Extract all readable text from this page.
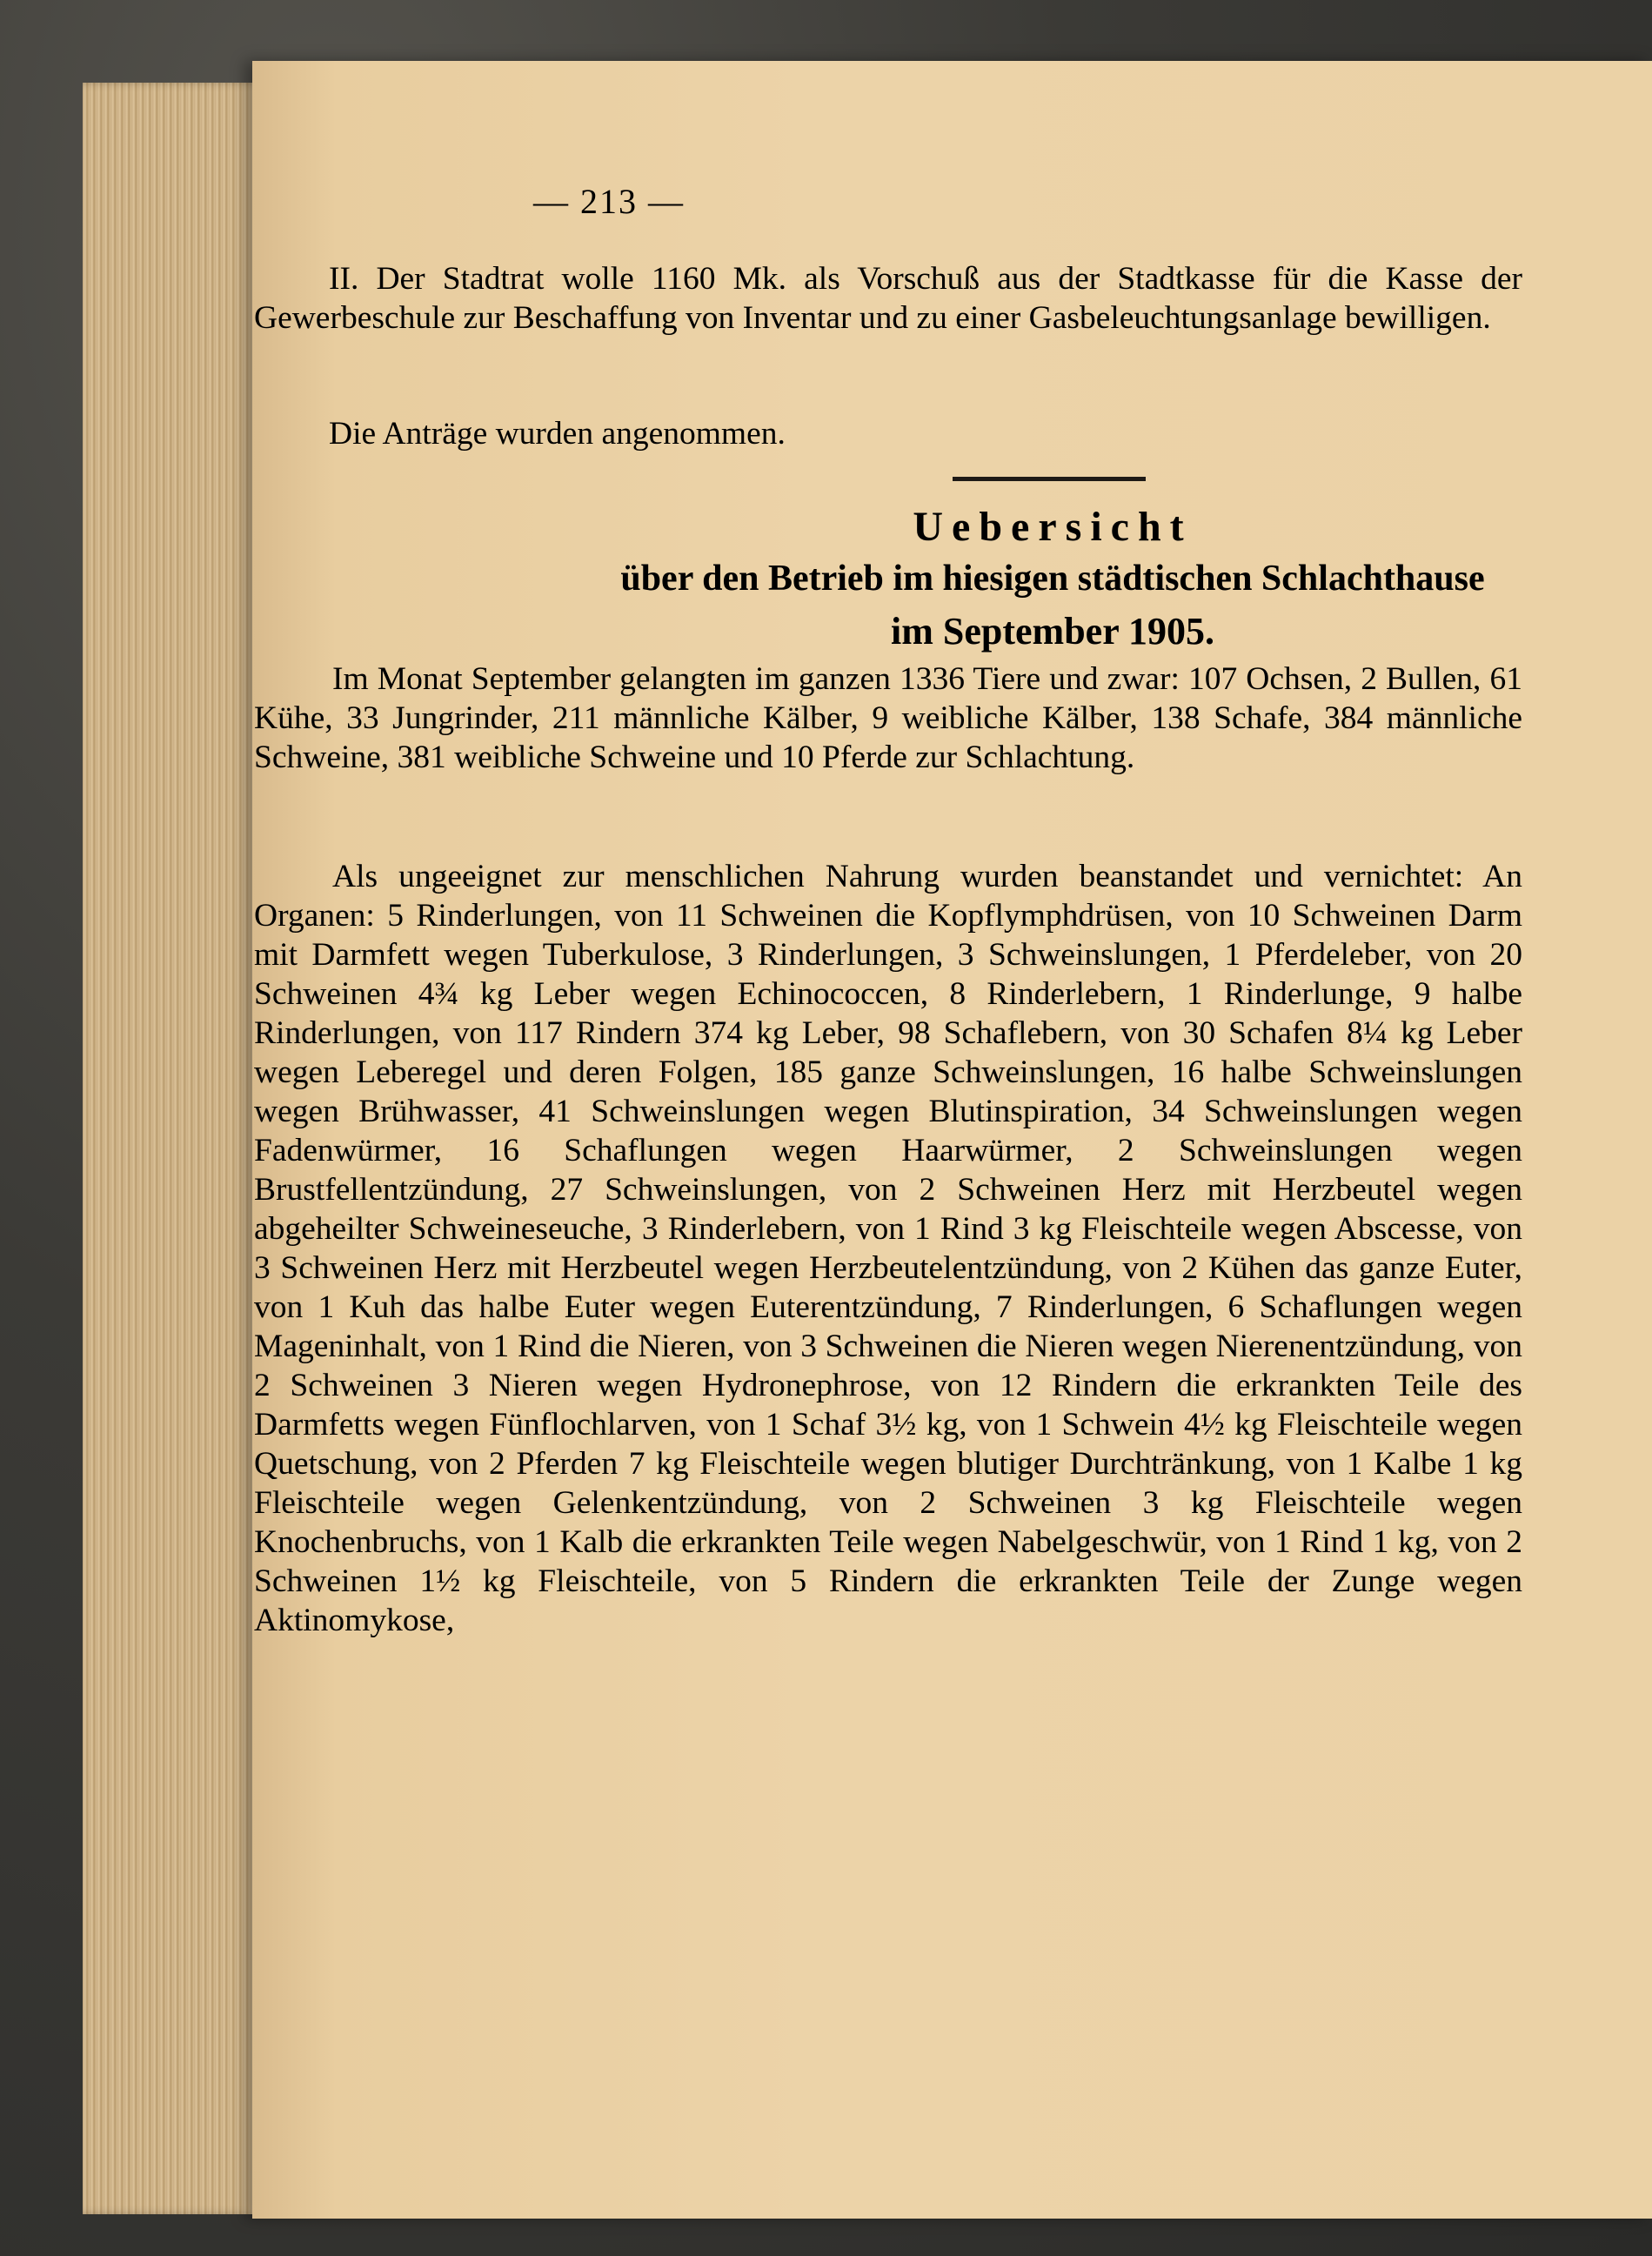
— 213 —
II. Der Stadtrat wolle 1160 Mk. als Vorschuß aus der Stadtkasse für die Kasse der Gewerbeschule zur Beschaffung von Inventar und zu einer Gasbeleuchtungsanlage bewilligen.
Die Anträge wurden angenommen.
Uebersicht
über den Betrieb im hiesigen städtischen Schlachthause
im September 1905.
Im Monat September gelangten im ganzen 1336 Tiere und zwar: 107 Ochsen, 2 Bullen, 61 Kühe, 33 Jungrinder, 211 männliche Kälber, 9 weibliche Kälber, 138 Schafe, 384 männliche Schweine, 381 weibliche Schweine und 10 Pferde zur Schlachtung.
Als ungeeignet zur menschlichen Nahrung wurden beanstandet und vernichtet: An Organen: 5 Rinderlungen, von 11 Schweinen die Kopflymphdrüsen, von 10 Schweinen Darm mit Darmfett wegen Tuberkulose, 3 Rinderlungen, 3 Schweinslungen, 1 Pferdeleber, von 20 Schweinen 4¾ kg Leber wegen Echinococcen, 8 Rinderlebern, 1 Rinderlunge, 9 halbe Rinderlungen, von 117 Rindern 374 kg Leber, 98 Schaflebern, von 30 Schafen 8¼ kg Leber wegen Leberegel und deren Folgen, 185 ganze Schweinslungen, 16 halbe Schweinslungen wegen Brühwasser, 41 Schweinslungen wegen Blutinspiration, 34 Schweinslungen wegen Fadenwürmer, 16 Schaflungen wegen Haarwürmer, 2 Schweinslungen wegen Brustfellentzündung, 27 Schweinslungen, von 2 Schweinen Herz mit Herzbeutel wegen abgeheilter Schweineseuche, 3 Rinderlebern, von 1 Rind 3 kg Fleischteile wegen Abscesse, von 3 Schweinen Herz mit Herzbeutel wegen Herzbeutelentzündung, von 2 Kühen das ganze Euter, von 1 Kuh das halbe Euter wegen Euterentzündung, 7 Rinderlungen, 6 Schaflungen wegen Mageninhalt, von 1 Rind die Nieren, von 3 Schweinen die Nieren wegen Nierenentzündung, von 2 Schweinen 3 Nieren wegen Hydronephrose, von 12 Rindern die erkrankten Teile des Darmfetts wegen Fünflochlarven, von 1 Schaf 3½ kg, von 1 Schwein 4½ kg Fleischteile wegen Quetschung, von 2 Pferden 7 kg Fleischteile wegen blutiger Durchtränkung, von 1 Kalbe 1 kg Fleischteile wegen Gelenkentzündung, von 2 Schweinen 3 kg Fleischteile wegen Knochenbruchs, von 1 Kalb die erkrankten Teile wegen Nabelgeschwür, von 1 Rind 1 kg, von 2 Schweinen 1½ kg Fleischteile, von 5 Rindern die erkrankten Teile der Zunge wegen Aktinomykose,
